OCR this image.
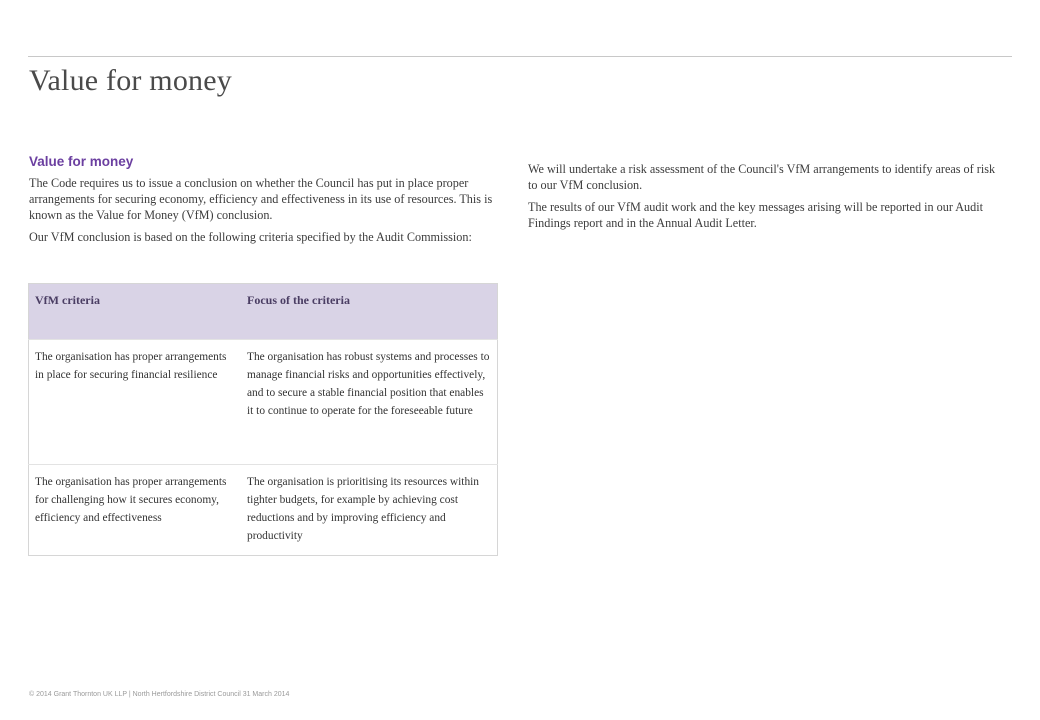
Value for money
Value for money

The Code requires us to issue a conclusion on whether the Council has put in place proper arrangements for securing economy, efficiency and effectiveness in its use of resources. This is known as the Value for Money (VfM) conclusion.

Our VfM conclusion is based on the following criteria specified by the Audit Commission:

VfM criteria	Focus of the criteria
The organisation has proper arrangements in place for securing financial resilience	The organisation has robust systems and processes to manage financial risks and opportunities effectively, and to secure a stable financial position that enables it to continue to operate for the foreseeable future
The organisation has proper arrangements for challenging how it secures economy, efficiency and effectiveness	The organisation is prioritising its resources within tighter budgets, for example by achieving cost reductions and by improving efficiency and productivity

We will undertake a risk assessment of the Council's VfM arrangements to identify areas of risk to our VfM conclusion.

The results of our VfM audit work and the key messages arising will be reported in our Audit Findings report and in the Annual Audit Letter.

© 2014 Grant Thornton UK LLP | North Hertfordshire District Council 31 March 2014
